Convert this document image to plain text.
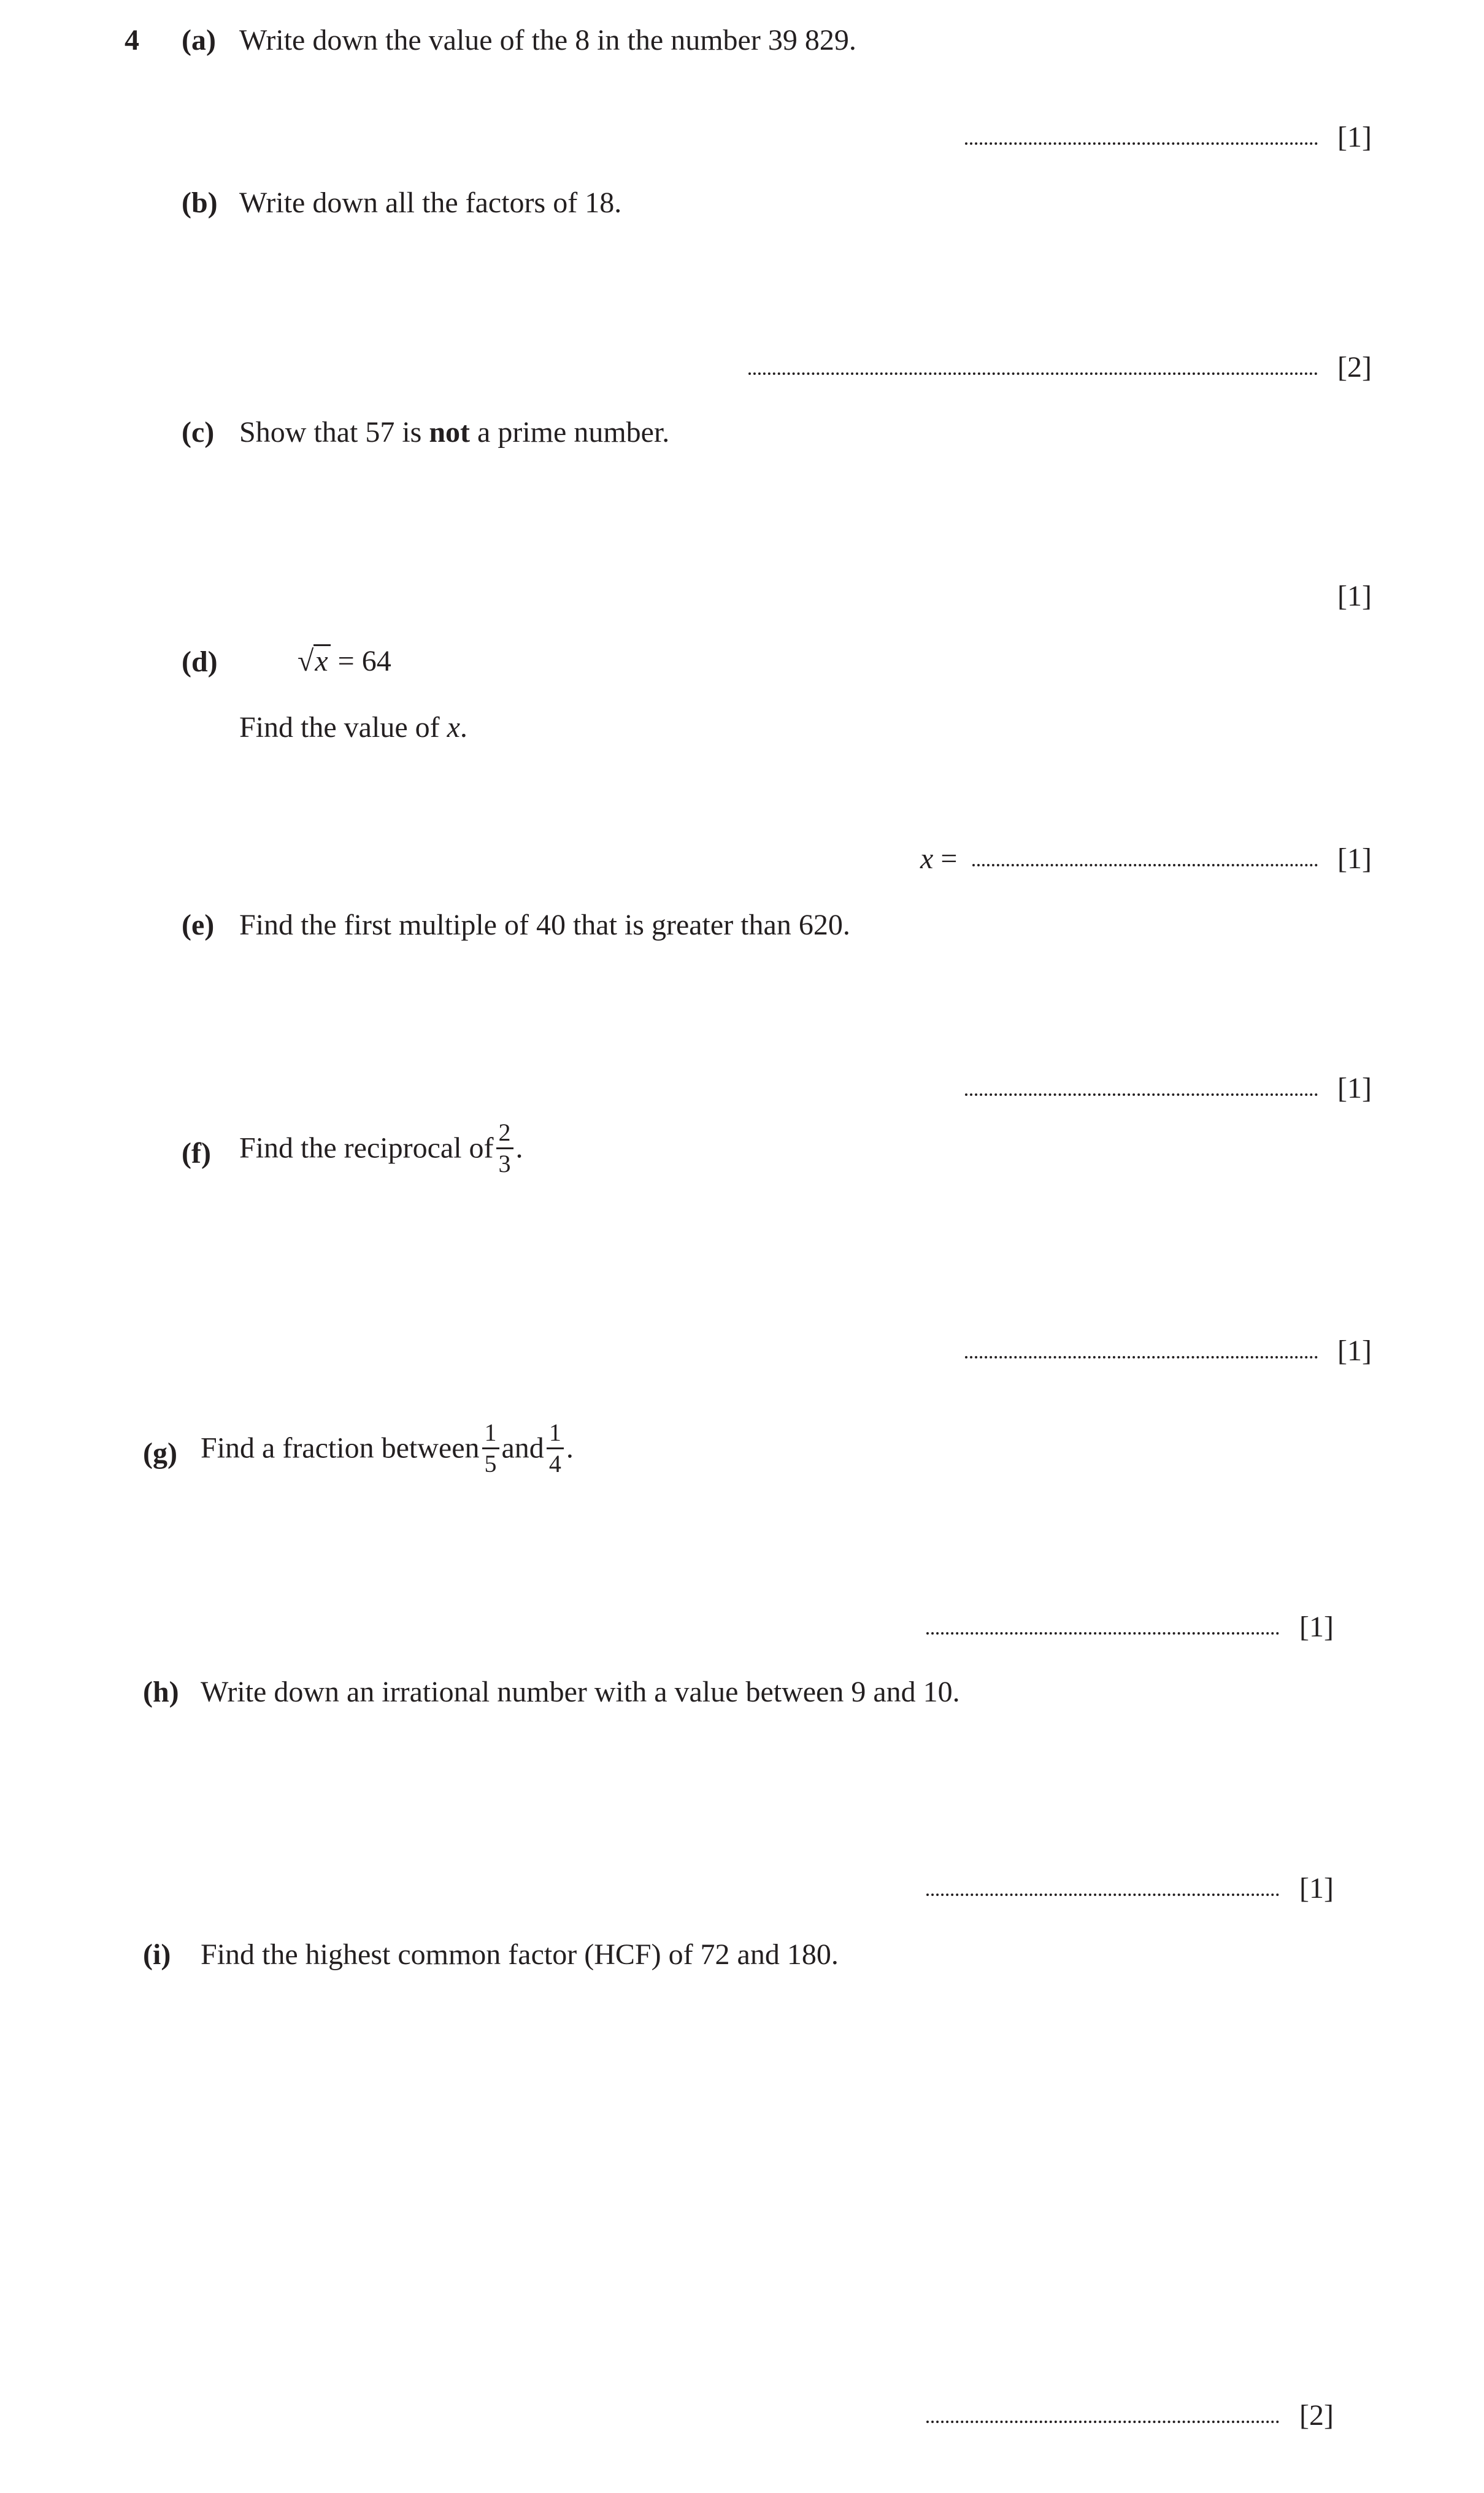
4 (a) Write down the value of the 8 in the number 39 829.
[1]
(b) Write down all the factors of 18.
[2]
(c) Show that 57 is not a prime number.
[1]
(d)	√x = 64
Find the value of x.
x =	[1]
(e) Find the first multiple of 40 that is greater than 620.
[1]
(f) Find the reciprocal of $\frac{2}{3}$ .
[1]
(g) Find a fraction between $\frac{1}{5}$ and $\frac{1}{4}$ .
[1]
(h) Write down an irrational number with a value between 9 and 10.
[1]
(i) Find the highest common factor (HCF) of 72 and 180.
[2]
